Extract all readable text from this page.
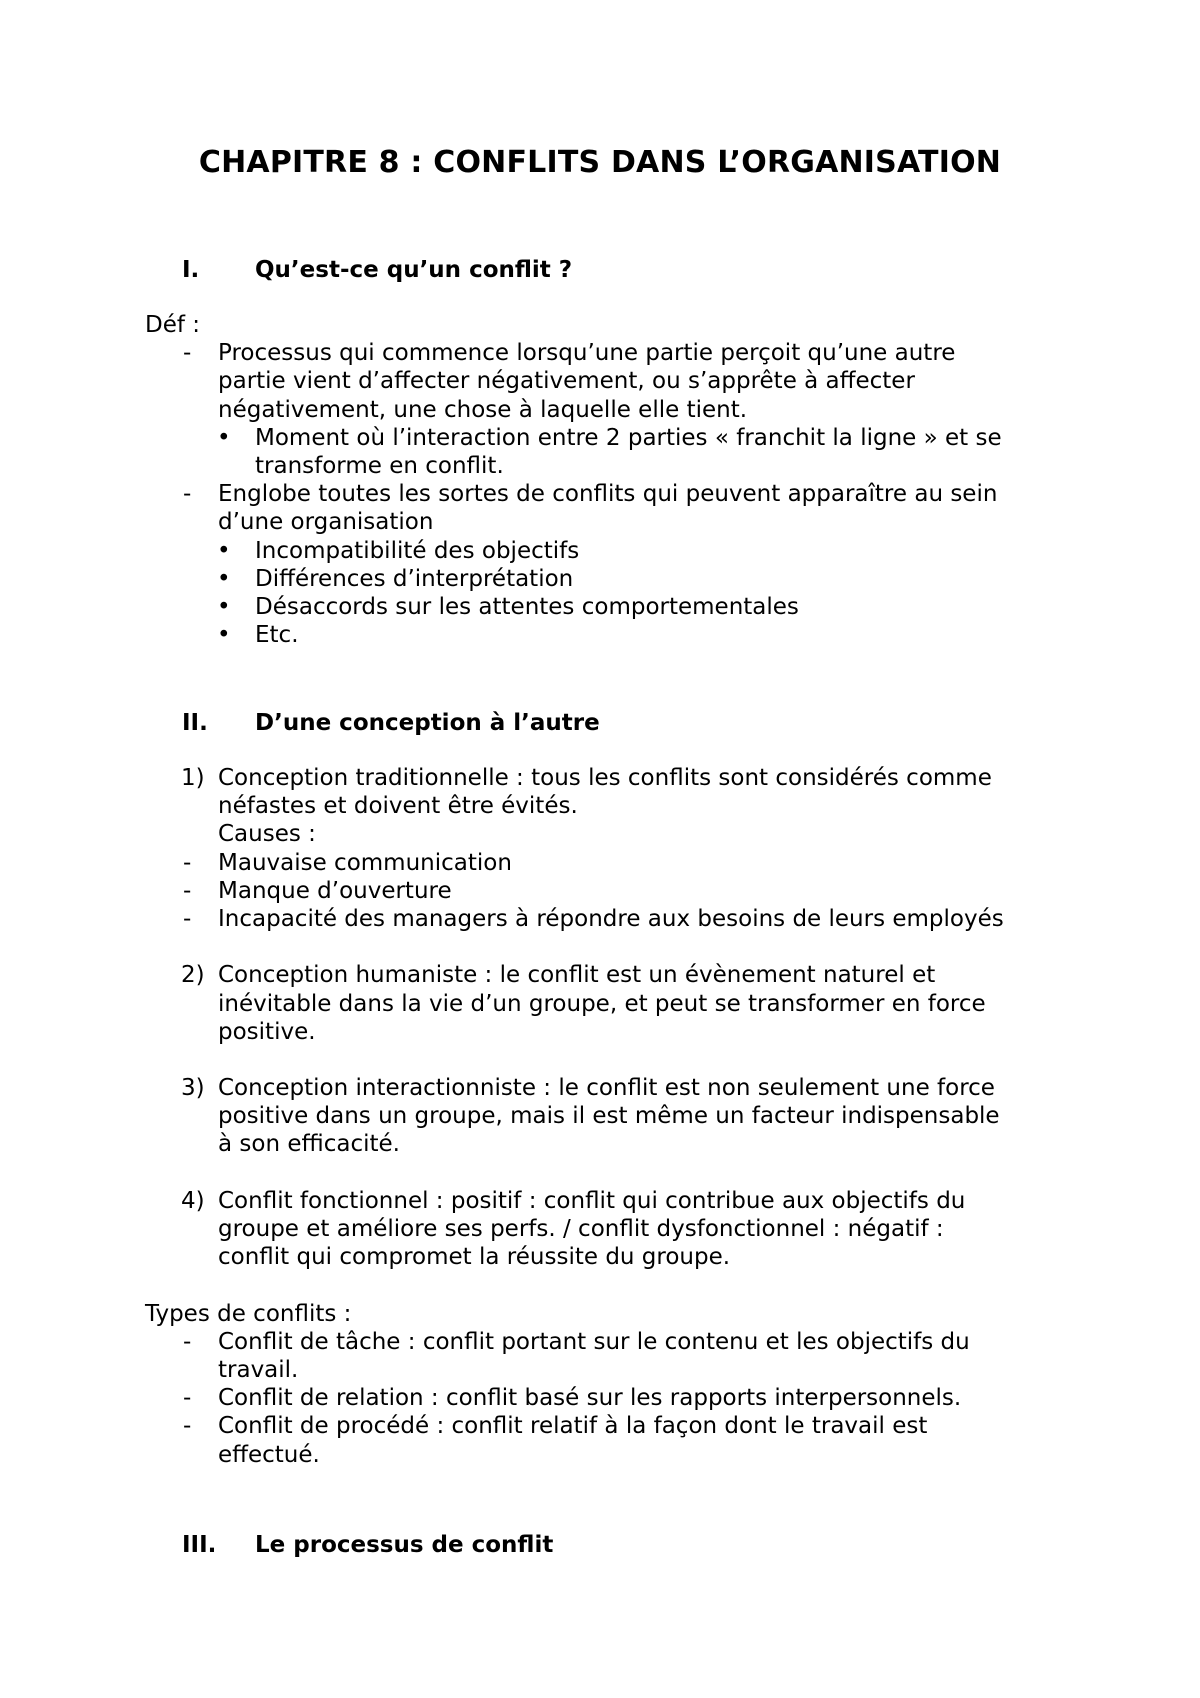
CHAPITRE 8 : CONFLITS DANS L’ORGANISATION
I. Qu’est-ce qu’un conflit ?
Déf :
- Processus qui commence lorsqu’une partie perçoit qu’une autre
partie vient d’affecter négativement, ou s’apprête à affecter
négativement, une chose à laquelle elle tient.
• Moment où l’interaction entre 2 parties « franchit la ligne » et se
transforme en conflit.
- Englobe toutes les sortes de conflits qui peuvent apparaître au sein
d’une organisation
• Incompatibilité des objectifs
• Différences d’interprétation
• Désaccords sur les attentes comportementales
• Etc.
II. D’une conception à l’autre
1) Conception traditionnelle : tous les conflits sont considérés comme
néfastes et doivent être évités.
Causes :
- Mauvaise communication
- Manque d’ouverture
- Incapacité des managers à répondre aux besoins de leurs employés
2) Conception humaniste : le conflit est un évènement naturel et
inévitable dans la vie d’un groupe, et peut se transformer en force
positive.
3) Conception interactionniste : le conflit est non seulement une force
positive dans un groupe, mais il est même un facteur indispensable
à son efficacité.
4) Conflit fonctionnel : positif : conflit qui contribue aux objectifs du
groupe et améliore ses perfs. / conflit dysfonctionnel : négatif :
conflit qui compromet la réussite du groupe.
Types de conflits :
- Conflit de tâche : conflit portant sur le contenu et les objectifs du
travail.
- Conflit de relation : conflit basé sur les rapports interpersonnels.
- Conflit de procédé : conflit relatif à la façon dont le travail est
effectué.
III. Le processus de conflit
